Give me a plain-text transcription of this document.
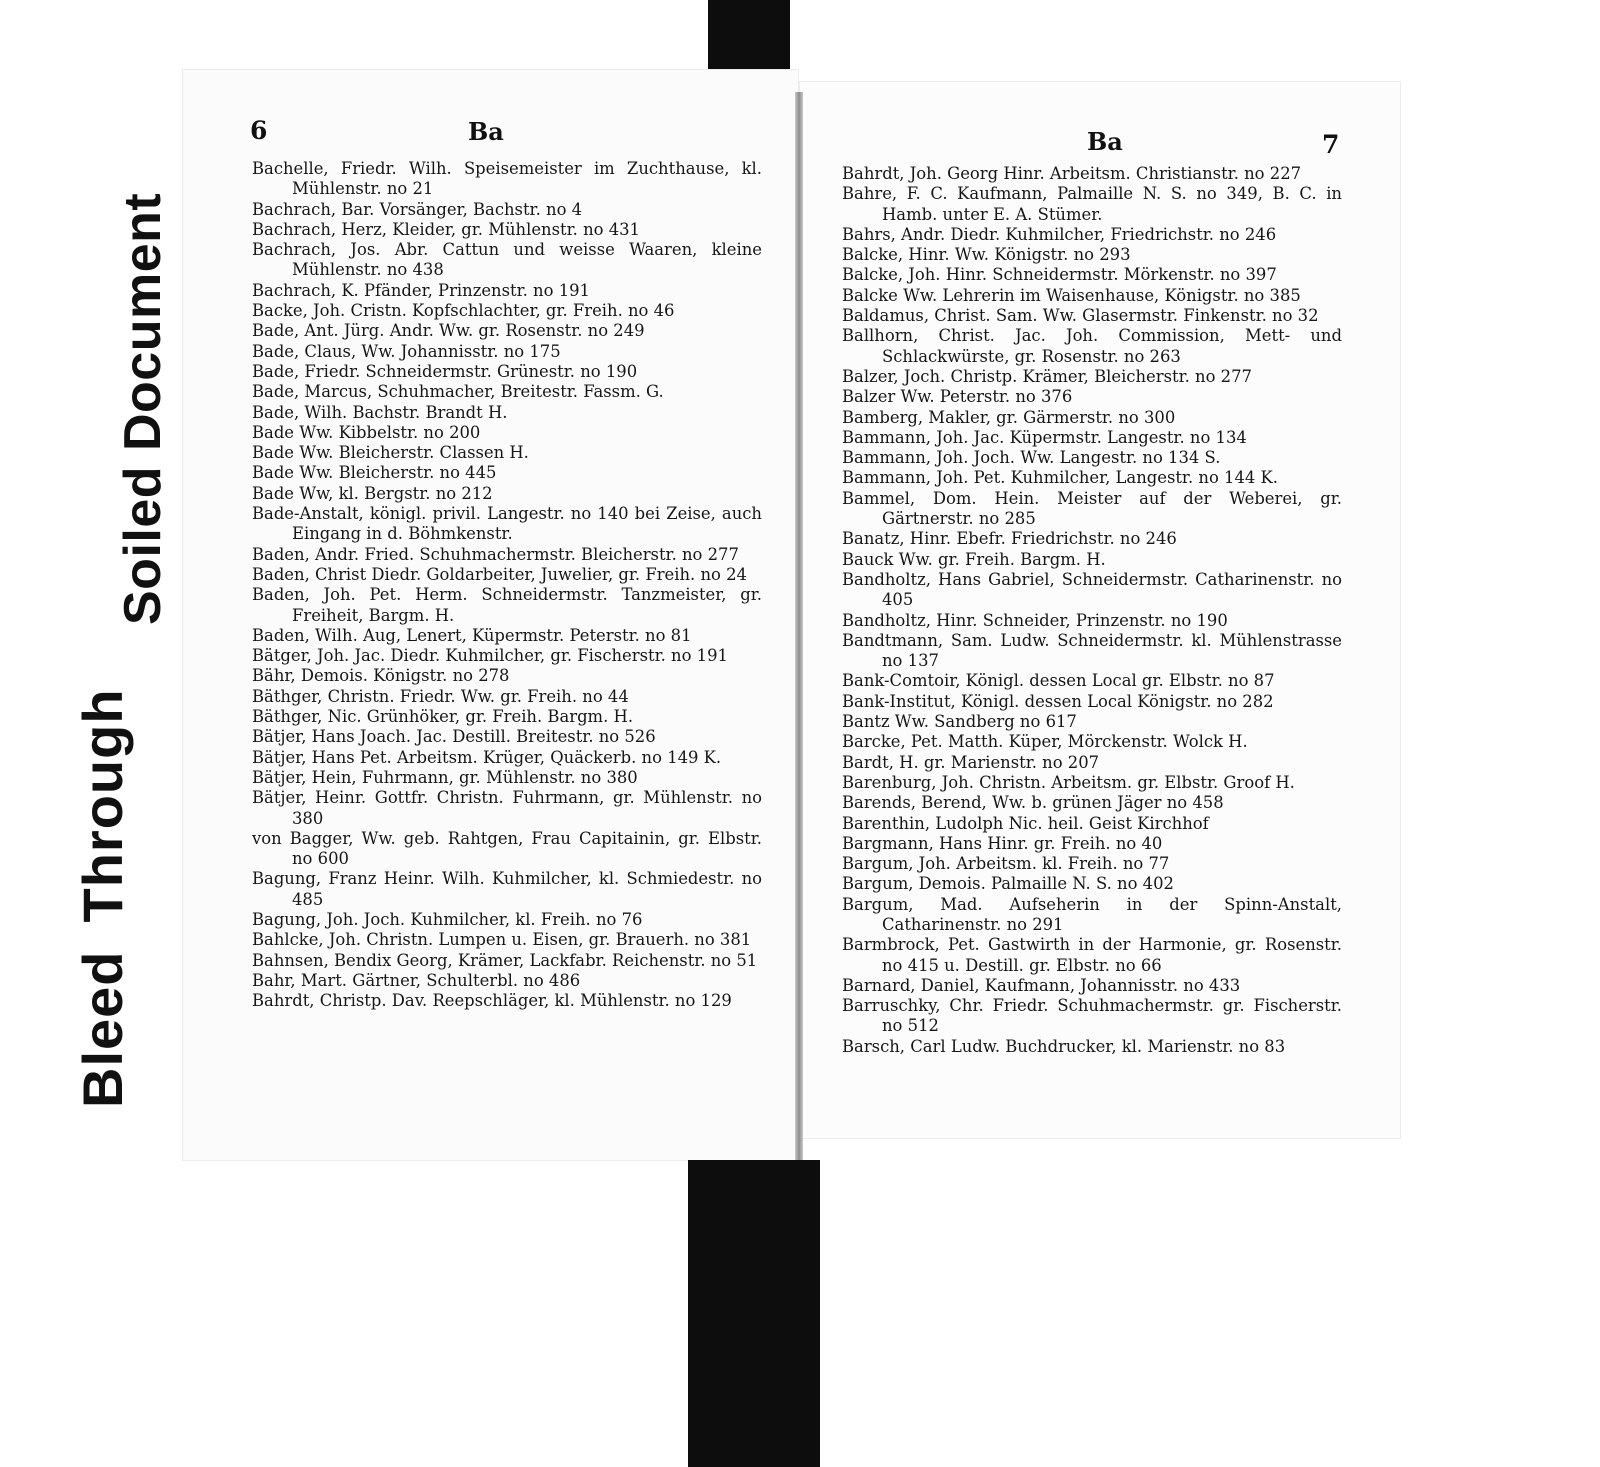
Soiled Document
BleedThrough
6	Ba	Ba	7
Bachelle, Friedr. Wilh. Speisemeister im Zuchthause, kl. Mühlenstr. no 21
Bachrach, Bar. Vorsänger, Bachstr. no 4
Bachrach, Herz, Kleider, gr. Mühlenstr. no 431
Bachrach, Jos. Abr. Cattun und weisse Waaren, kleine Mühlenstr. no 438
Bachrach, K. Pfänder, Prinzenstr. no 191
Backe, Joh. Cristn. Kopfschlachter, gr. Freih. no 46
Bade, Ant. Jürg. Andr. Ww. gr. Rosenstr. no 249
Bade, Claus, Ww. Johannisstr. no 175
Bade, Friedr. Schneidermstr. Grünestr. no 190
Bade, Marcus, Schuhmacher, Breitestr. Fassm. G.
Bade, Wilh. Bachstr. Brandt H.
Bade Ww. Kibbelstr. no 200
Bade Ww. Bleicherstr. Classen H.
Bade Ww. Bleicherstr. no 445
Bade Ww, kl. Bergstr. no 212
Bade-Anstalt, königl. privil. Langestr. no 140 bei Zeise, auch Eingang in d. Böhmkenstr.
Baden, Andr. Fried. Schuhmachermstr. Bleicherstr. no 277
Baden, Christ Diedr. Goldarbeiter, Juwelier, gr. Freih. no 24
Baden, Joh. Pet. Herm. Schneidermstr. Tanzmeister, gr. Freiheit, Bargm. H.
Baden, Wilh. Aug, Lenert, Küpermstr. Peterstr. no 81
Bätger, Joh. Jac. Diedr. Kuhmilcher, gr. Fischerstr. no 191
Bähr, Demois. Königstr. no 278
Bäthger, Christn. Friedr. Ww. gr. Freih. no 44
Bäthger, Nic. Grünhöker, gr. Freih. Bargm. H.
Bätjer, Hans Joach. Jac. Destill. Breitestr. no 526
Bätjer, Hans Pet. Arbeitsm. Krüger, Quäckerb. no 149 K.
Bätjer, Hein, Fuhrmann, gr. Mühlenstr. no 380
Bätjer, Heinr. Gottfr. Christn. Fuhrmann, gr. Mühlenstr. no 380
von Bagger, Ww. geb. Rahtgen, Frau Capitainin, gr. Elbstr. no 600
Bagung, Franz Heinr. Wilh. Kuhmilcher, kl. Schmiedestr. no 485
Bagung, Joh. Joch. Kuhmilcher, kl. Freih. no 76
Bahlcke, Joh. Christn. Lumpen u. Eisen, gr. Brauerh. no 381
Bahnsen, Bendix Georg, Krämer, Lackfabr. Reichenstr. no 51
Bahr, Mart. Gärtner, Schulterbl. no 486
Bahrdt, Christp. Dav. Reepschläger, kl. Mühlenstr. no 129
Bahrdt, Joh. Georg Hinr. Arbeitsm. Christianstr. no 227
Bahre, F. C. Kaufmann, Palmaille N. S. no 349, B. C. in Hamb. unter E. A. Stümer.
Bahrs, Andr. Diedr. Kuhmilcher, Friedrichstr. no 246
Balcke, Hinr. Ww. Königstr. no 293
Balcke, Joh. Hinr. Schneidermstr. Mörkenstr. no 397
Balcke Ww. Lehrerin im Waisenhause, Königstr. no 385
Baldamus, Christ. Sam. Ww. Glasermstr. Finkenstr. no 32
Ballhorn, Christ. Jac. Joh. Commission, Mett- und Schlackwürste, gr. Rosenstr. no 263
Balzer, Joch. Christp. Krämer, Bleicherstr. no 277
Balzer Ww. Peterstr. no 376
Bamberg, Makler, gr. Gärmerstr. no 300
Bammann, Joh. Jac. Küpermstr. Langestr. no 134
Bammann, Joh. Joch. Ww. Langestr. no 134 S.
Bammann, Joh. Pet. Kuhmilcher, Langestr. no 144 K.
Bammel, Dom. Hein. Meister auf der Weberei, gr. Gärtnerstr. no 285
Banatz, Hinr. Ebefr. Friedrichstr. no 246
Bauck Ww. gr. Freih. Bargm. H.
Bandholtz, Hans Gabriel, Schneidermstr. Catharinenstr. no 405
Bandholtz, Hinr. Schneider, Prinzenstr. no 190
Bandtmann, Sam. Ludw. Schneidermstr. kl. Mühlenstrasse no 137
Bank-Comtoir, Königl. dessen Local gr. Elbstr. no 87
Bank-Institut, Königl. dessen Local Königstr. no 282
Bantz Ww. Sandberg no 617
Barcke, Pet. Matth. Küper, Mörckenstr. Wolck H.
Bardt, H. gr. Marienstr. no 207
Barenburg, Joh. Christn. Arbeitsm. gr. Elbstr. Groof H.
Barends, Berend, Ww. b. grünen Jäger no 458
Barenthin, Ludolph Nic. heil. Geist Kirchhof
Bargmann, Hans Hinr. gr. Freih. no 40
Bargum, Joh. Arbeitsm. kl. Freih. no 77
Bargum, Demois. Palmaille N. S. no 402
Bargum, Mad. Aufseherin in der Spinn-Anstalt, Catharinenstr. no 291
Barmbrock, Pet. Gastwirth in der Harmonie, gr. Rosenstr. no 415 u. Destill. gr. Elbstr. no 66
Barnard, Daniel, Kaufmann, Johannisstr. no 433
Barruschky, Chr. Friedr. Schuhmachermstr. gr. Fischerstr. no 512
Barsch, Carl Ludw. Buchdrucker, kl. Marienstr. no 83
